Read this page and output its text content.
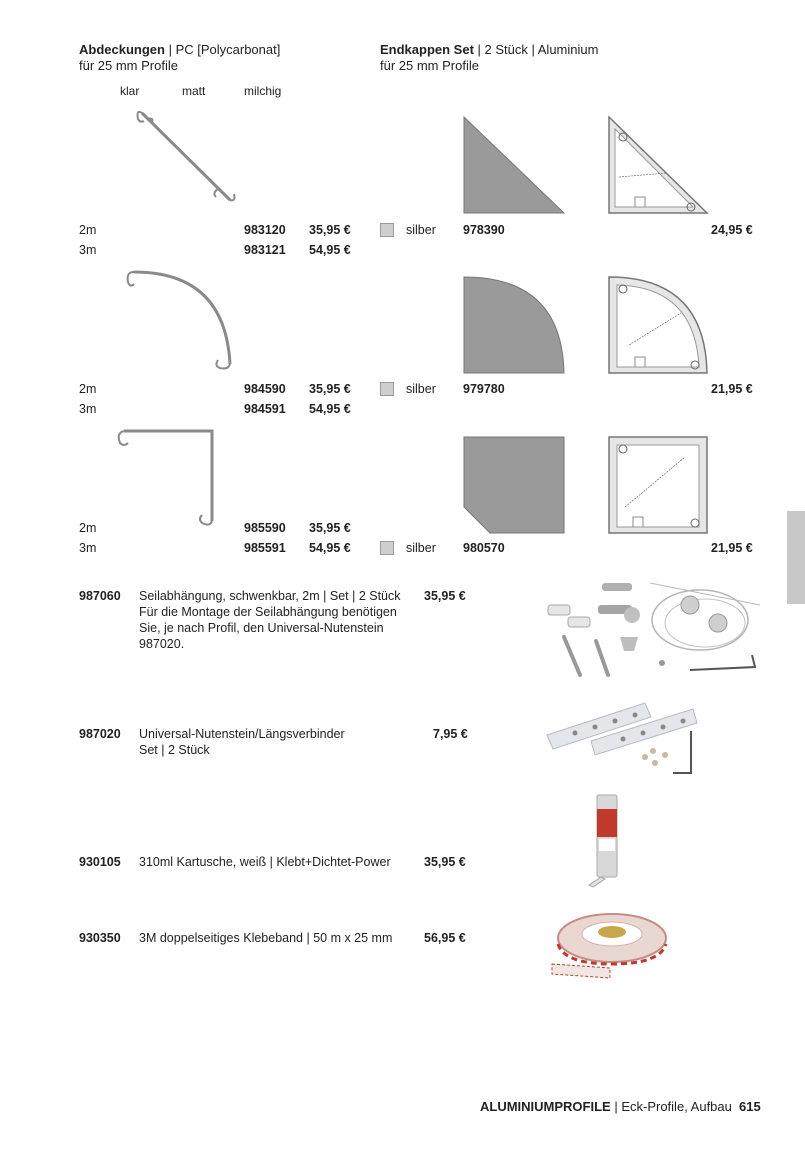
Abdeckungen | PC [Polycarbonat]
für 25 mm Profile
klar	matt	milchig
Endkappen Set | 2 Stück | Aluminium
für 25 mm Profile
2m	983120 35,95 €
3m	983121 54,95 €
silber 978390	24,95 €
2m	984590 35,95 €
3m	984591 54,95 €
silber 979780	21,95 €
2m	985590 35,95 €
3m	985591 54,95 €	silber 980570	21,95 €
987060 Seilabhängung, schwenkbar, 2m | Set | 2 Stück
Für die Montage der Seilabhängung benötigen
Sie, je nach Profil, den Universal-Nutenstein
987020.
35,95 €
987020 Universal-Nutenstein/Längsverbinder
Set | 2 Stück
7,95 €
930105 310ml Kartusche, weiß | Klebt+Dichtet-Power	35,95 €
930350 3M doppelseitiges Klebeband | 50 m x 25 mm	56,95 €
ALUMINIUMPROFILE | Eck-Profile, Aufbau 615
